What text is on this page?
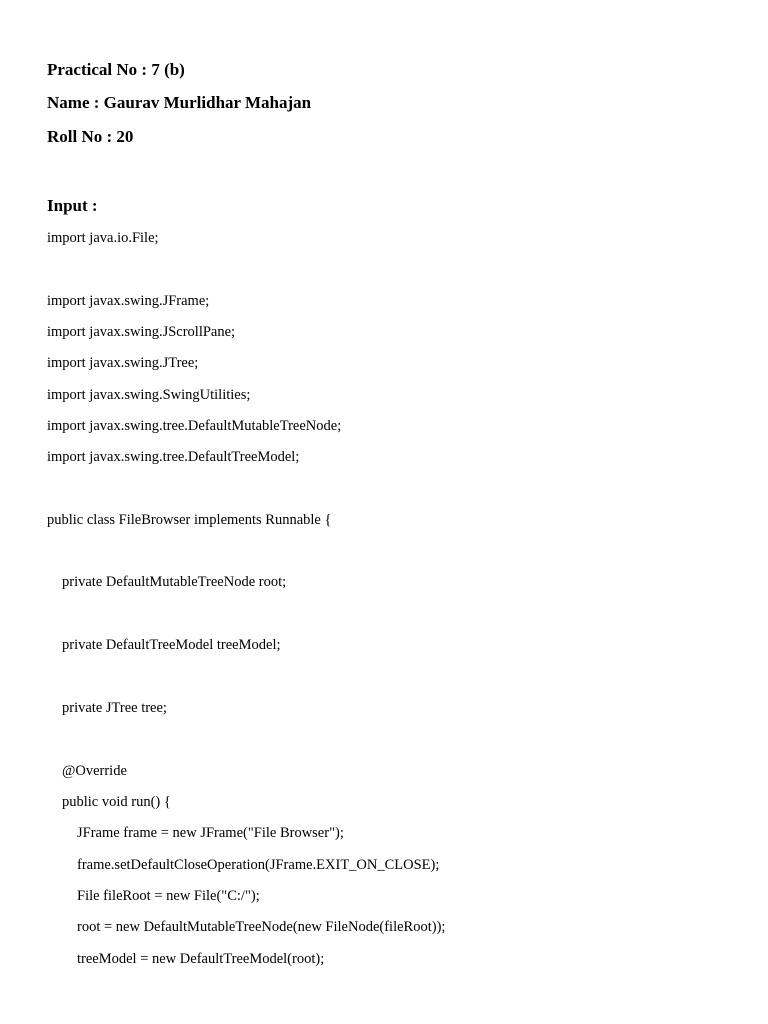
Practical No : 7 (b)
Name : Gaurav Murlidhar Mahajan
Roll No : 20
Input :
import java.io.File;
import javax.swing.JFrame;
import javax.swing.JScrollPane;
import javax.swing.JTree;
import javax.swing.SwingUtilities;
import javax.swing.tree.DefaultMutableTreeNode;
import javax.swing.tree.DefaultTreeModel;
public class FileBrowser implements Runnable {
private DefaultMutableTreeNode root;
private DefaultTreeModel treeModel;
private JTree tree;
@Override
public void run() {
JFrame frame = new JFrame("File Browser");
frame.setDefaultCloseOperation(JFrame.EXIT_ON_CLOSE);
File fileRoot = new File("C:/");
root = new DefaultMutableTreeNode(new FileNode(fileRoot));
treeModel = new DefaultTreeModel(root);
